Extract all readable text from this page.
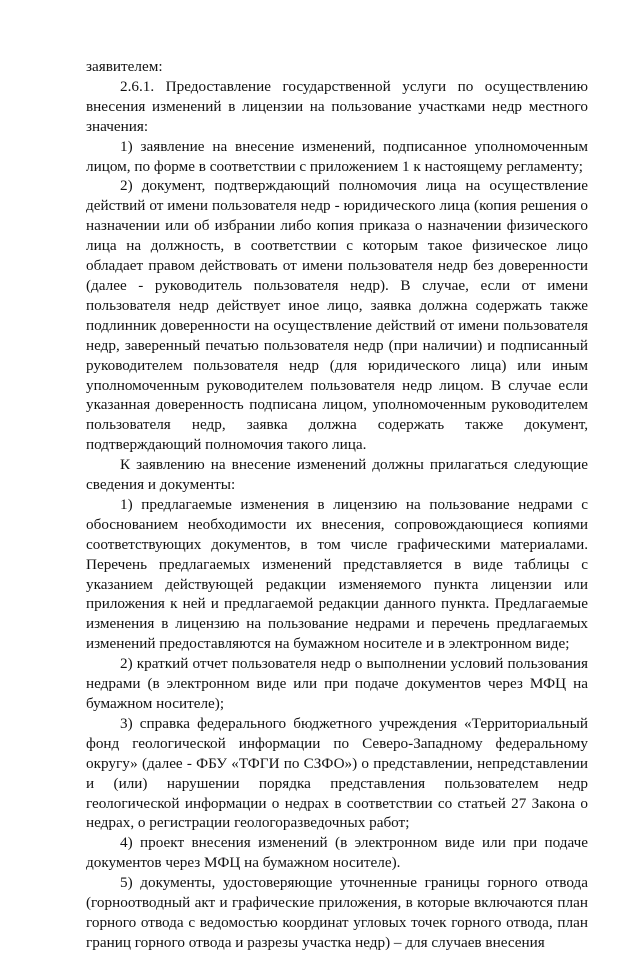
заявителем:

2.6.1. Предоставление государственной услуги по осуществлению внесения изменений в лицензии на пользование участками недр местного значения:

1) заявление на внесение изменений, подписанное уполномоченным лицом, по форме в соответствии с приложением 1 к настоящему регламенту;

2) документ, подтверждающий полномочия лица на осуществление действий от имени пользователя недр - юридического лица (копия решения о назначении или об избрании либо копия приказа о назначении физического лица на должность, в соответствии с которым такое физическое лицо обладает правом действовать от имени пользователя недр без доверенности (далее - руководитель пользователя недр). В случае, если от имени пользователя недр действует иное лицо, заявка должна содержать также подлинник доверенности на осуществление действий от имени пользователя недр, заверенный печатью пользователя недр (при наличии) и подписанный руководителем пользователя недр (для юридического лица) или иным уполномоченным руководителем пользователя недр лицом. В случае если указанная доверенность подписана лицом, уполномоченным руководителем пользователя недр, заявка должна содержать также документ, подтверждающий полномочия такого лица.

К заявлению на внесение изменений должны прилагаться следующие сведения и документы:

1) предлагаемые изменения в лицензию на пользование недрами с обоснованием необходимости их внесения, сопровождающиеся копиями соответствующих документов, в том числе графическими материалами. Перечень предлагаемых изменений представляется в виде таблицы с указанием действующей редакции изменяемого пункта лицензии или приложения к ней и предлагаемой редакции данного пункта. Предлагаемые изменения в лицензию на пользование недрами и перечень предлагаемых изменений предоставляются на бумажном носителе и в электронном виде;

2) краткий отчет пользователя недр о выполнении условий пользования недрами (в электронном виде или при подаче документов через МФЦ на бумажном носителе);

3) справка федерального бюджетного учреждения «Территориальный фонд геологической информации по Северо-Западному федеральному округу» (далее - ФБУ «ТФГИ по СЗФО») о представлении, непредставлении и (или) нарушении порядка представления пользователем недр геологической информации о недрах в соответствии со статьей 27 Закона о недрах, о регистрации геологоразведочных работ;

4) проект внесения изменений (в электронном виде или при подаче документов через МФЦ на бумажном носителе).

5) документы, удостоверяющие уточненные границы горного отвода (горноотводный акт и графические приложения, в которые включаются план горного отвода с ведомостью координат угловых точек горного отвода, план границ горного отвода и разрезы участка недр) – для случаев внесения
